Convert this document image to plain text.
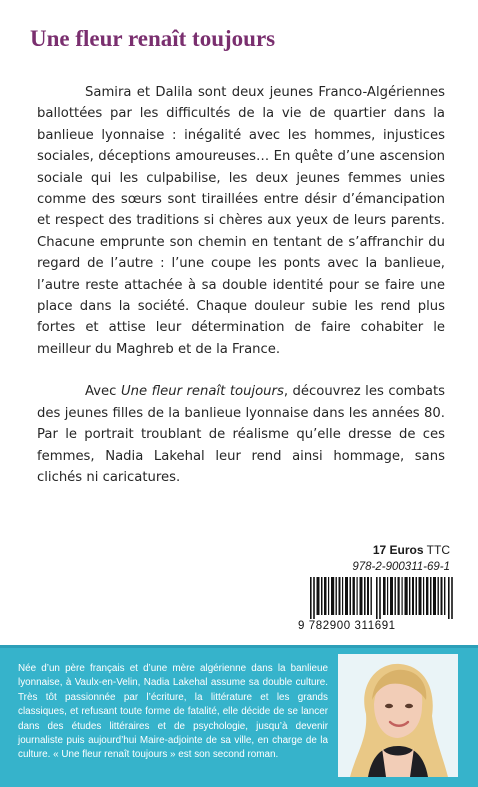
Une fleur renaît toujours

Samira et Dalila sont deux jeunes Franco-Algériennes ballottées par les difficultés de la vie de quartier dans la banlieue lyonnaise : inégalité avec les hommes, injustices sociales, déceptions amoureuses… En quête d’une ascension sociale qui les culpabilise, les deux jeunes femmes unies comme des sœurs sont tiraillées entre désir d’émancipation et respect des traditions si chères aux yeux de leurs parents. Chacune emprunte son chemin en tentant de s’affranchir du regard de l’autre : l’une coupe les ponts avec la banlieue, l’autre reste attachée à sa double identité pour se faire une place dans la société. Chaque douleur subie les rend plus fortes et attise leur détermination de faire cohabiter le meilleur du Maghreb et de la France.

Avec Une fleur renaît toujours, découvrez les combats des jeunes filles de la banlieue lyonnaise dans les années 80. Par le portrait troublant de réalisme qu’elle dresse de ces femmes, Nadia Lakehal leur rend ainsi hommage, sans clichés ni caricatures.

17 Euros TTC
978-2-900311-69-1
9 782900 311691
Née d’un père français et d’une mère algérienne dans la banlieue lyonnaise, à Vaulx-en-Velin, Nadia Lakehal assume sa double culture. Très tôt passionnée par l’écriture, la littérature et les grands classiques, et refusant toute forme de fatalité, elle décide de se lancer dans des études littéraires et de psychologie, jusqu’à devenir journaliste puis aujourd’hui Maire-adjointe de sa ville, en charge de la culture. « Une fleur renaît toujours » est son second roman.
